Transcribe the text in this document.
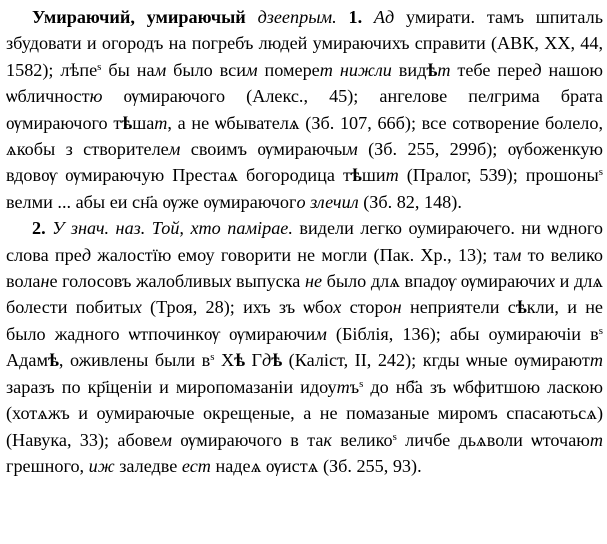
Умираючий, умираючый дзеeпрым. 1. Ад умирати. тамъ шпиталь збудовати и огородъ на погребъ людей умираючихъ справити (АВК, ХХ, 44, 1582); лѣпе$^s$ бы нам было всим померет нижли видѣт тебе перед нашою ѡбличностю ѹмираючого (Алекс., 45); ангелове пелгрима брата ѹмираючого тѣшат, а не ѡбывателѧ (Зб. 107, 66б); все сотворение болело, ѧкобы з створителем своимъ ѹмираючым (Зб. 255, 299б); ѹбоженкую вдовѹ ѹмираючую Престаѧ богородица тѣшит (Пралог, 539); прошоны$^s$ велми ... абы еи сн҃а ѹже ѹмираючого злечил (Зб. 82, 148).

2. У знач. наз. Той, хто паміраe. видели легко оумираючего. ни ѡдного слова пред жалостїю емоу говорити не могли (Пак. Хр., 13); там то велико волане голосовъ жалобливых выпуска не было длѧ впадѹ ѹмираючих и длѧ болести побитых (Троя, 28); ихъ зъ ѡбох сторон неприятели сѣкли, и не было жадного ѡтпочинкѹ ѹмираючим (Біблія, 136); абы оумираючіи $в^s$ Адамѣ, оживлены были $в^s$ Хѣ Гдѣ (Каліст, ІІ, 242); кгды ѡные ѹмираютт заразъ по кр҃щеніи и миропомазаніи идоутъ$^s$ до нб҃а зъ ѡбфитшою ласкою (хотѧжъ и оумираючые окрещеные, а не помазаные миромъ спасаютьсѧ) (Навука, 33); абовем ѹмираючого в так велико$^s$ личбе дьѧволи ѡточают грешного, иж заледве ест надеѧ ѹистѧ (Зб. 255, 93).
